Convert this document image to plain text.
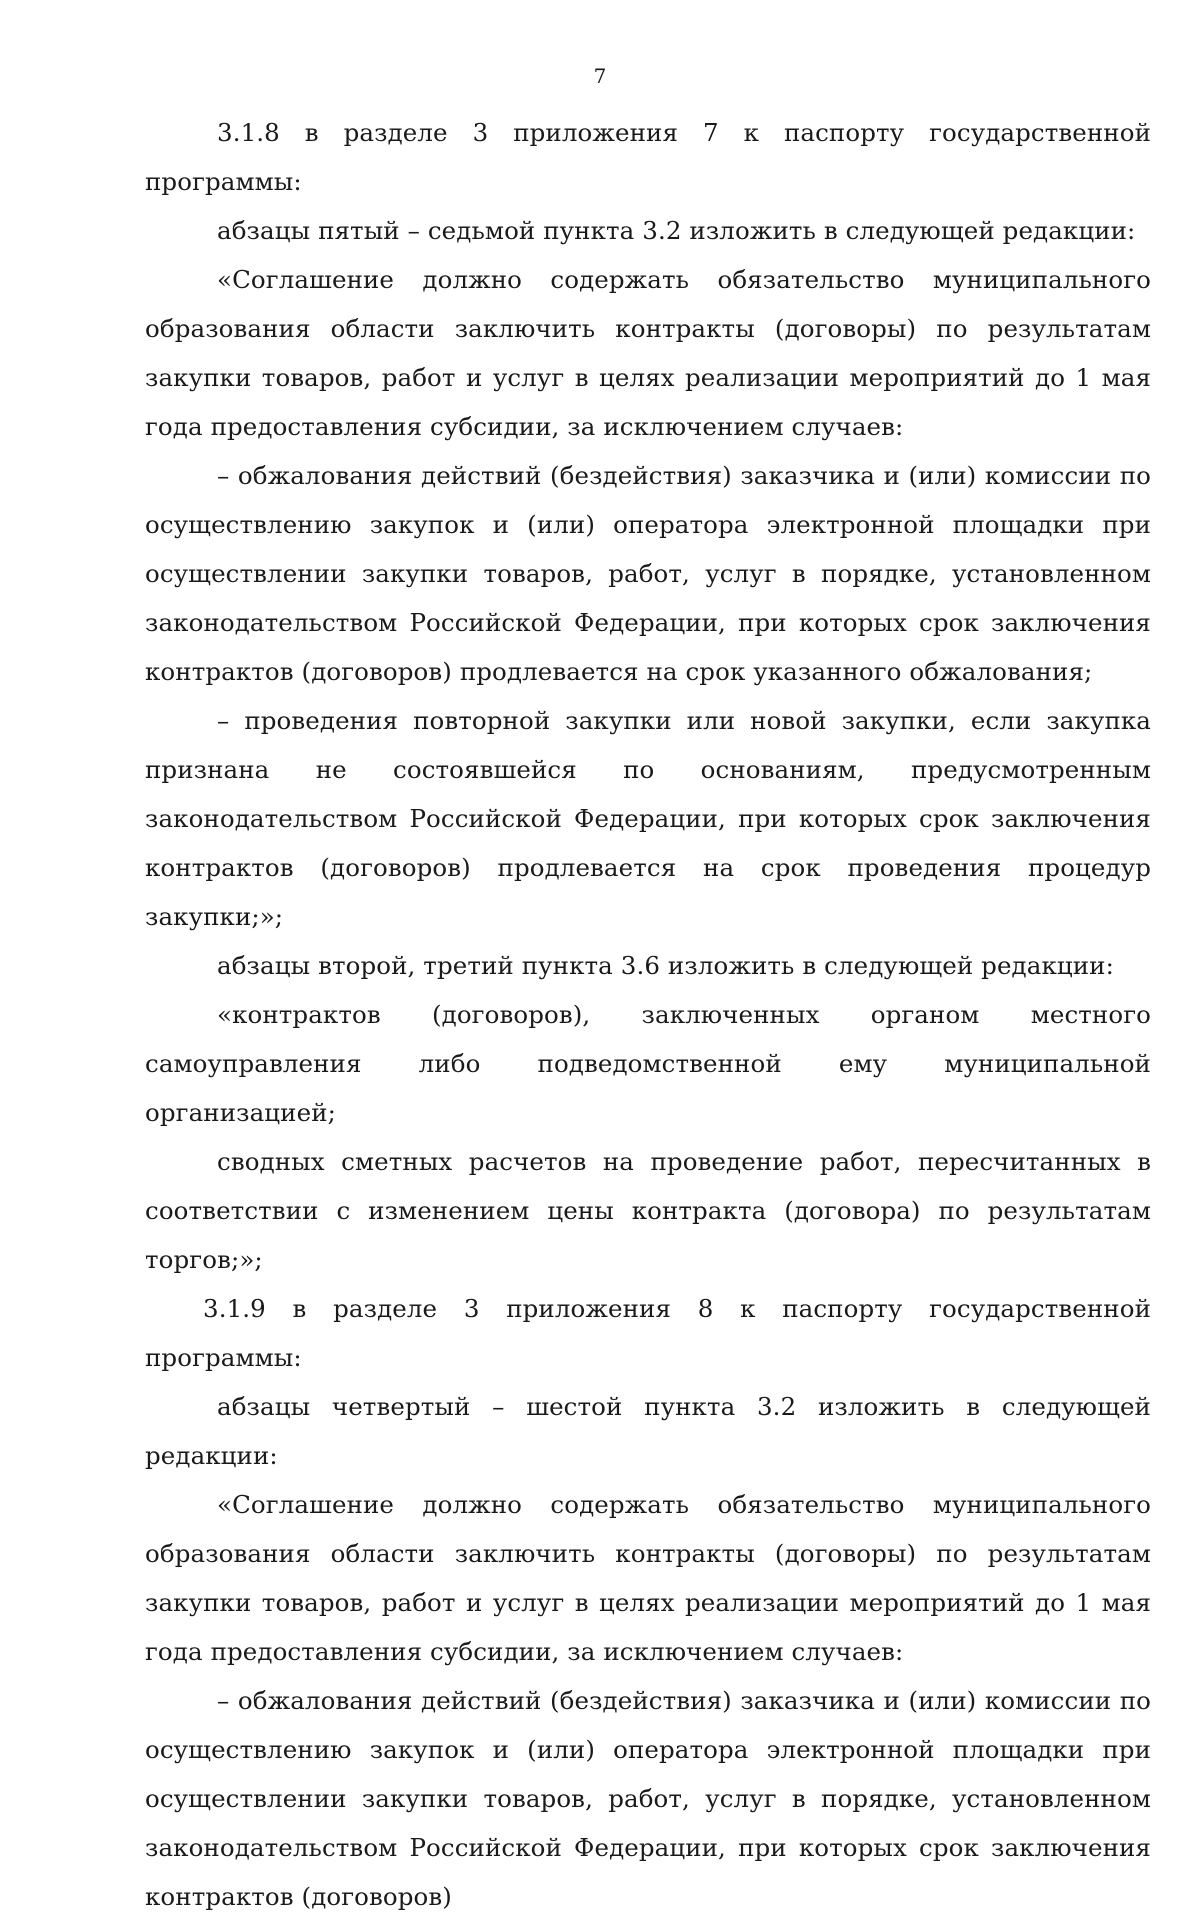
7

3.1.8 в разделе 3 приложения 7 к паспорту государственной программы:

абзацы пятый – седьмой пункта 3.2 изложить в следующей редакции:

«Соглашение должно содержать обязательство муниципального образования области заключить контракты (договоры) по результатам закупки товаров, работ и услуг в целях реализации мероприятий до 1 мая года предоставления субсидии, за исключением случаев:

– обжалования действий (бездействия) заказчика и (или) комиссии по осуществлению закупок и (или) оператора электронной площадки при осуществлении закупки товаров, работ, услуг в порядке, установленном законодательством Российской Федерации, при которых срок заключения контрактов (договоров) продлевается на срок указанного обжалования;

– проведения повторной закупки или новой закупки, если закупка признана не состоявшейся по основаниям, предусмотренным законодательством Российской Федерации, при которых срок заключения контрактов (договоров) продлевается на срок проведения процедур закупки;»;

абзацы второй, третий пункта 3.6 изложить в следующей редакции:

«контрактов (договоров), заключенных органом местного самоуправления либо подведомственной ему муниципальной организацией;

сводных сметных расчетов на проведение работ, пересчитанных в соответствии с изменением цены контракта (договора) по результатам торгов;»;

3.1.9 в разделе 3 приложения 8 к паспорту государственной программы:

абзацы четвертый – шестой пункта 3.2 изложить в следующей редакции:

«Соглашение должно содержать обязательство муниципального образования области заключить контракты (договоры) по результатам закупки товаров, работ и услуг в целях реализации мероприятий до 1 мая года предоставления субсидии, за исключением случаев:

– обжалования действий (бездействия) заказчика и (или) комиссии по осуществлению закупок и (или) оператора электронной площадки при осуществлении закупки товаров, работ, услуг в порядке, установленном законодательством Российской Федерации, при которых срок заключения контрактов (договоров)
